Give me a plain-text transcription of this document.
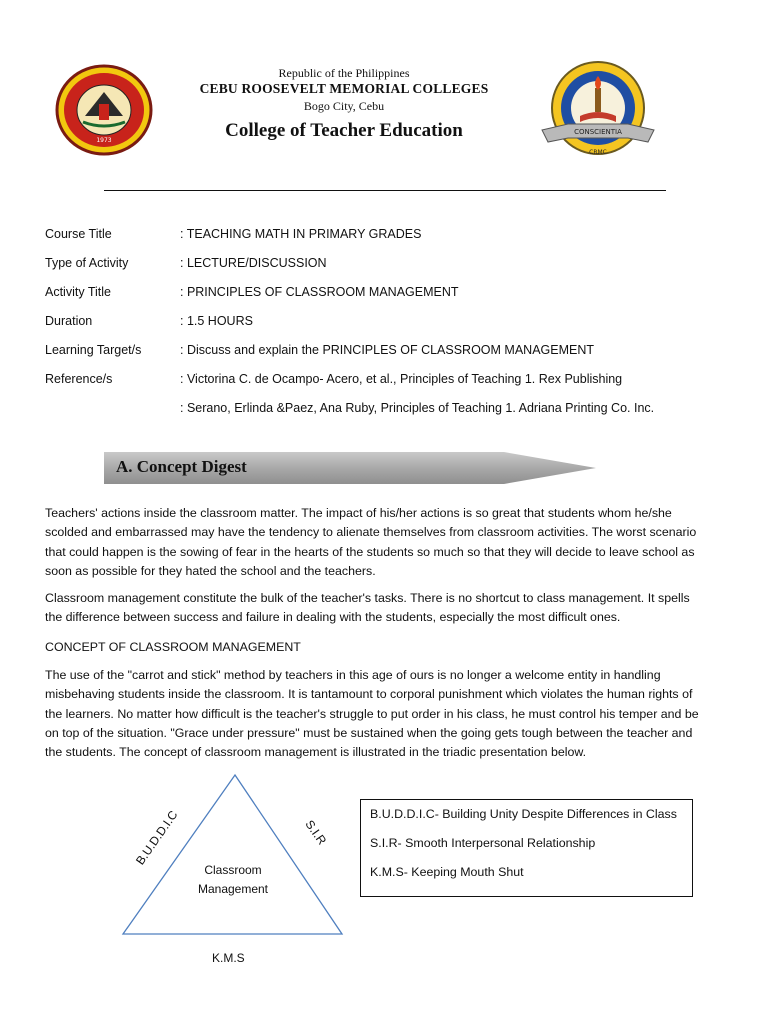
1973
CONSCIENTIA
CRMC
Republic of the Philippines
CEBU ROOSEVELT MEMORIAL COLLEGES
Bogo City, Cebu
College of Teacher Education
Course Title	: TEACHING MATH IN PRIMARY GRADES
Type of Activity	: LECTURE/DISCUSSION
Activity Title	: PRINCIPLES OF CLASSROOM MANAGEMENT
Duration	: 1.5 HOURS
Learning Target/s	: Discuss and explain the PRINCIPLES OF CLASSROOM MANAGEMENT
Reference/s	: Victorina C. de Ocampo- Acero, et al., Principles of Teaching 1. Rex Publishing
: Serano, Erlinda &Paez, Ana Ruby, Principles of Teaching 1. Adriana Printing Co. Inc.
A. Concept Digest
Teachers' actions inside the classroom matter. The impact of his/her actions is so great that students whom he/she
scolded and embarrassed may have the tendency to alienate themselves from classroom activities. The worst scenario
that could happen is the sowing of fear in the hearts of the students so much so that they will decide to leave school as
soon as possible for they hated the school and the teachers.
Classroom management constitute the bulk of the teacher's tasks. There is no shortcut to class management. It spells
the difference between success and failure in dealing with the students, especially the most difficult ones.
CONCEPT OF CLASSROOM MANAGEMENT
The use of the "carrot and stick" method by teachers in this age of ours is no longer a welcome entity in handling
misbehaving students inside the classroom. It is tantamount to corporal punishment which violates the human rights of
the learners. No matter how difficult is the teacher's struggle to put order in his class, he must control his temper and be
on top of the situation. "Grace under pressure" must be sustained when the going gets tough between the teacher and
the students. The concept of classroom management is illustrated in the triadic presentation below.
Classroom
Management
B.U.D.D.I.C	S.I.R
K.M.S
B.U.D.D.I.C- Building Unity Despite Differences in Class
S.I.R- Smooth Interpersonal Relationship
K.M.S- Keeping Mouth Shut
